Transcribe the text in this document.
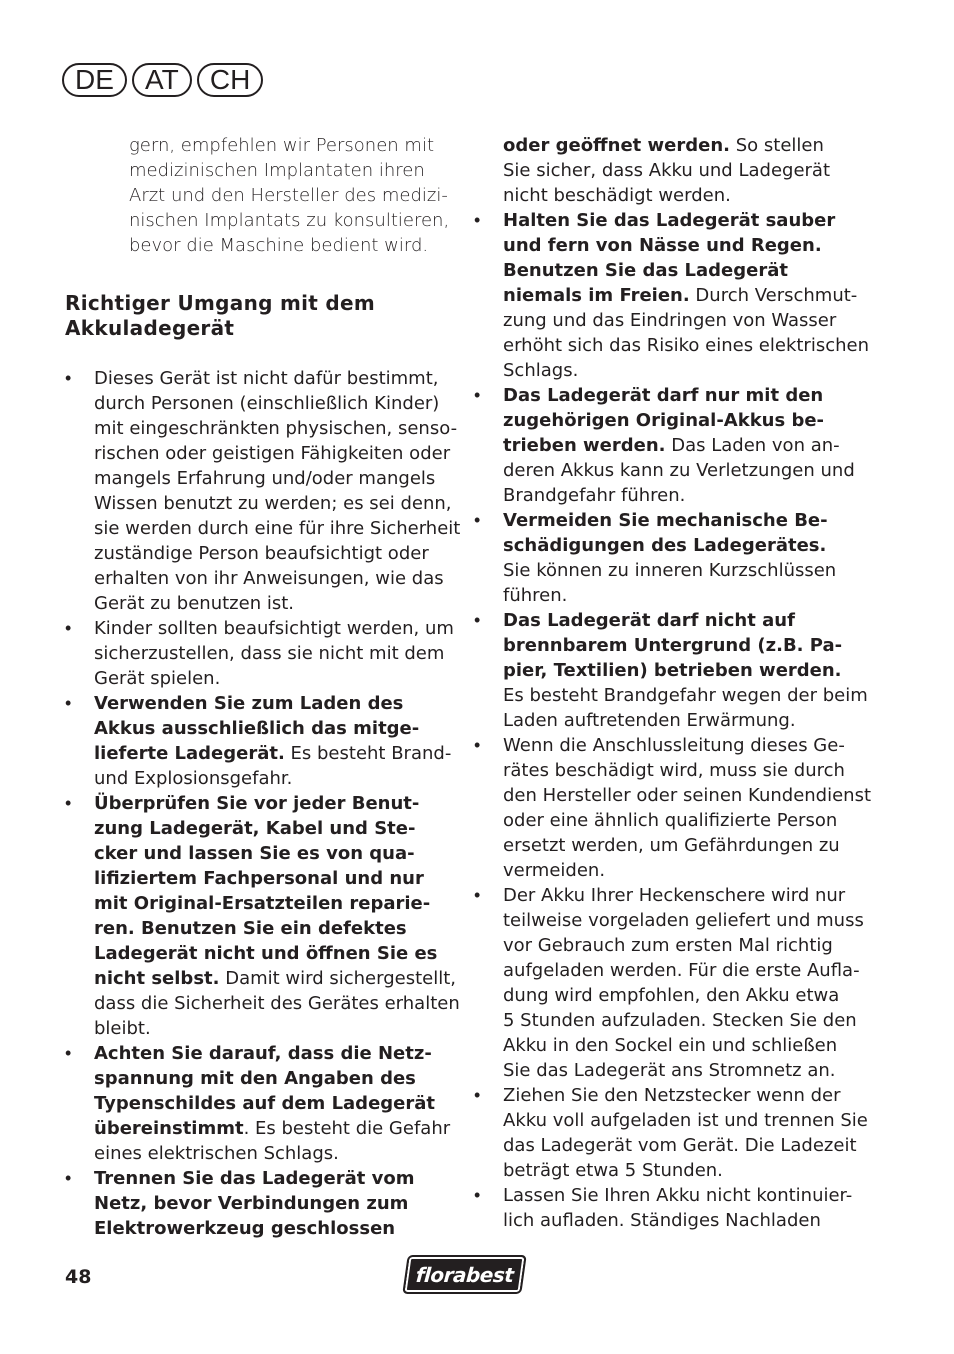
DE	AT	CH
gern, empfehlen wir Personen mit
medizinischen Implantaten ihren
Arzt und den Hersteller des medizi-
nischen Implantats zu konsultieren,
bevor die Maschine bedient wird.
Richtiger Umgang mit dem
Akkuladegerät
•	Dieses Gerät ist nicht dafür bestimmt,
durch Personen (einschließlich Kinder)
mit eingeschränkten physischen, senso-
rischen oder geistigen Fähigkeiten oder
mangels Erfahrung und/oder mangels
Wissen benutzt zu werden; es sei denn,
sie werden durch eine für ihre Sicherheit
zuständige Person beaufsichtigt oder
erhalten von ihr Anweisungen, wie das
Gerät zu benutzen ist.
•	Kinder sollten beaufsichtigt werden, um
sicherzustellen, dass sie nicht mit dem
Gerät spielen.
•	Verwenden Sie zum Laden des
Akkus ausschließlich das mitge-
lieferte Ladegerät. Es besteht Brand-
und Explosionsgefahr.
•	Überprüfen Sie vor jeder Benut-
zung Ladegerät, Kabel und Ste-
cker und lassen Sie es von qua-
lifiziertem Fachpersonal und nur
mit Original-Ersatzteilen reparie-
ren. Benutzen Sie ein defektes
Ladegerät nicht und öffnen Sie es
nicht selbst. Damit wird sichergestellt,
dass die Sicherheit des Gerätes erhalten
bleibt.
•	Achten Sie darauf, dass die Netz-
spannung mit den Angaben des
Typenschildes auf dem Ladegerät
übereinstimmt. Es besteht die Gefahr
eines elektrischen Schlags.
•	Trennen Sie das Ladegerät vom
Netz, bevor Verbindungen zum
Elektrowerkzeug geschlossen
oder geöffnet werden. So stellen
Sie sicher, dass Akku und Ladegerät
nicht beschädigt werden.
•	Halten Sie das Ladegerät sauber
und fern von Nässe und Regen.
Benutzen Sie das Ladegerät
niemals im Freien. Durch Verschmut-
zung und das Eindringen von Wasser
erhöht sich das Risiko eines elektrischen
Schlags.
•	Das Ladegerät darf nur mit den
zugehörigen Original-Akkus be-
trieben werden. Das Laden von an-
deren Akkus kann zu Verletzungen und
Brandgefahr führen.
•	Vermeiden Sie mechanische Be-
schädigungen des Ladegerätes.
Sie können zu inneren Kurzschlüssen
führen.
•	Das Ladegerät darf nicht auf
brennbarem Untergrund (z.B. Pa-
pier, Textilien) betrieben werden.
Es besteht Brandgefahr wegen der beim
Laden auftretenden Erwärmung.
•	Wenn die Anschlussleitung dieses Ge-
rätes beschädigt wird, muss sie durch
den Hersteller oder seinen Kundendienst
oder eine ähnlich qualifizierte Person
ersetzt werden, um Gefährdungen zu
vermeiden.
•	Der Akku Ihrer Heckenschere wird nur
teilweise vorgeladen geliefert und muss
vor Gebrauch zum ersten Mal richtig
aufgeladen werden. Für die erste Aufla-
dung wird empfohlen, den Akku etwa
5 Stunden aufzuladen. Stecken Sie den
Akku in den Sockel ein und schließen
Sie das Ladegerät ans Stromnetz an.
•	Ziehen Sie den Netzstecker wenn der
Akku voll aufgeladen ist und trennen Sie
das Ladegerät vom Gerät. Die Ladezeit
beträgt etwa 5 Stunden.
•	Lassen Sie Ihren Akku nicht kontinuier-
lich aufladen. Ständiges Nachladen
48	florabest
